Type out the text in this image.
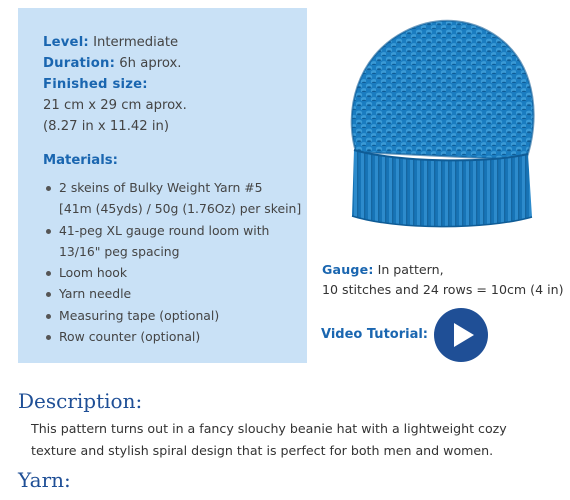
Level: Intermediate
Duration: 6h aprox.
Finished size:
21 cm x 29 cm aprox.
(8.27 in x 11.42 in)
Materials:
2 skeins of Bulky Weight Yarn #5
[41m (45yds) / 50g (1.76Oz) per skein]
41-peg XL gauge round loom with
13/16" peg spacing
Loom hook
Yarn needle
Measuring tape (optional)
Row counter (optional)
Gauge: In pattern,
10 stitches and 24 rows = 10cm (4 in)
Video Tutorial:
Description:
This pattern turns out in a fancy slouchy beanie hat with a lightweight cozy texture and stylish spiral design that is perfect for both men and women.
Yarn:
